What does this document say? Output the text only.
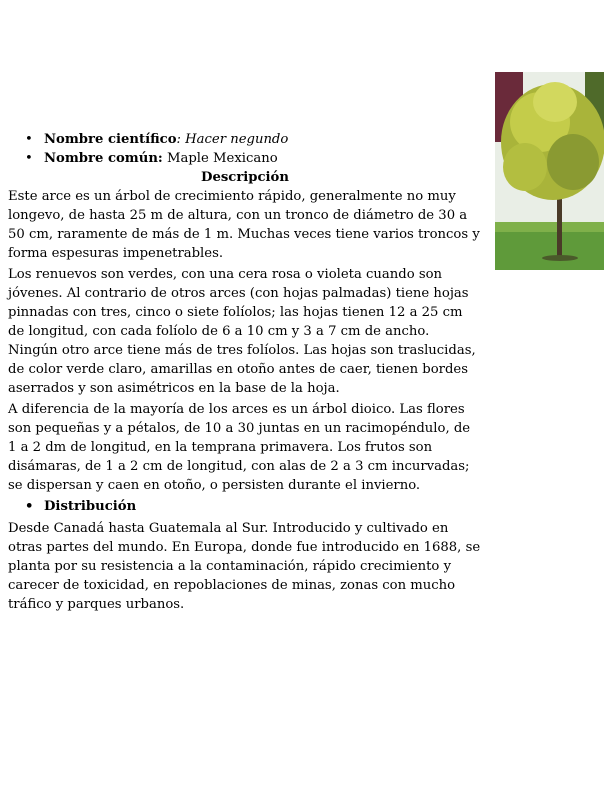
• Nombre científico: Hacer negundo
• Nombre común: Maple Mexicano
Descripción

Este arce es un árbol de crecimiento rápido, generalmente no muy longevo, de hasta 25 m de altura, con un tronco de diámetro de 30 a 50 cm, raramente de más de 1 m. Muchas veces tiene varios troncos y forma espesuras impenetrables.

Los renuevos son verdes, con una cera rosa o violeta cuando son jóvenes. Al contrario de otros arces (con hojas palmadas) tiene hojas pinnadas con tres, cinco o siete folíolos; las hojas tienen 12 a 25 cm de longitud, con cada folíolo de 6 a 10 cm y 3 a 7 cm de ancho. Ningún otro arce tiene más de tres folíolos. Las hojas son traslucidas, de color verde claro, amarillas en otoño antes de caer, tienen bordes aserrados y son asimétricos en la base de la hoja.

A diferencia de la mayoría de los arces es un árbol dioico. Las flores son pequeñas y a pétalos, de 10 a 30 juntas en un racimopéndulo, de 1 a 2 dm de longitud, en la temprana primavera. Los frutos son disámaras, de 1 a 2 cm de longitud, con alas de 2 a 3 cm incurvadas; se dispersan y caen en otoño, o persisten durante el invierno.

• Distribución

Desde Canadá hasta Guatemala al Sur. Introducido y cultivado en otras partes del mundo. En Europa, donde fue introducido en 1688, se planta por su resistencia a la contaminación, rápido crecimiento y carecer de toxicidad, en repoblaciones de minas, zonas con mucho tráfico y parques urbanos.
